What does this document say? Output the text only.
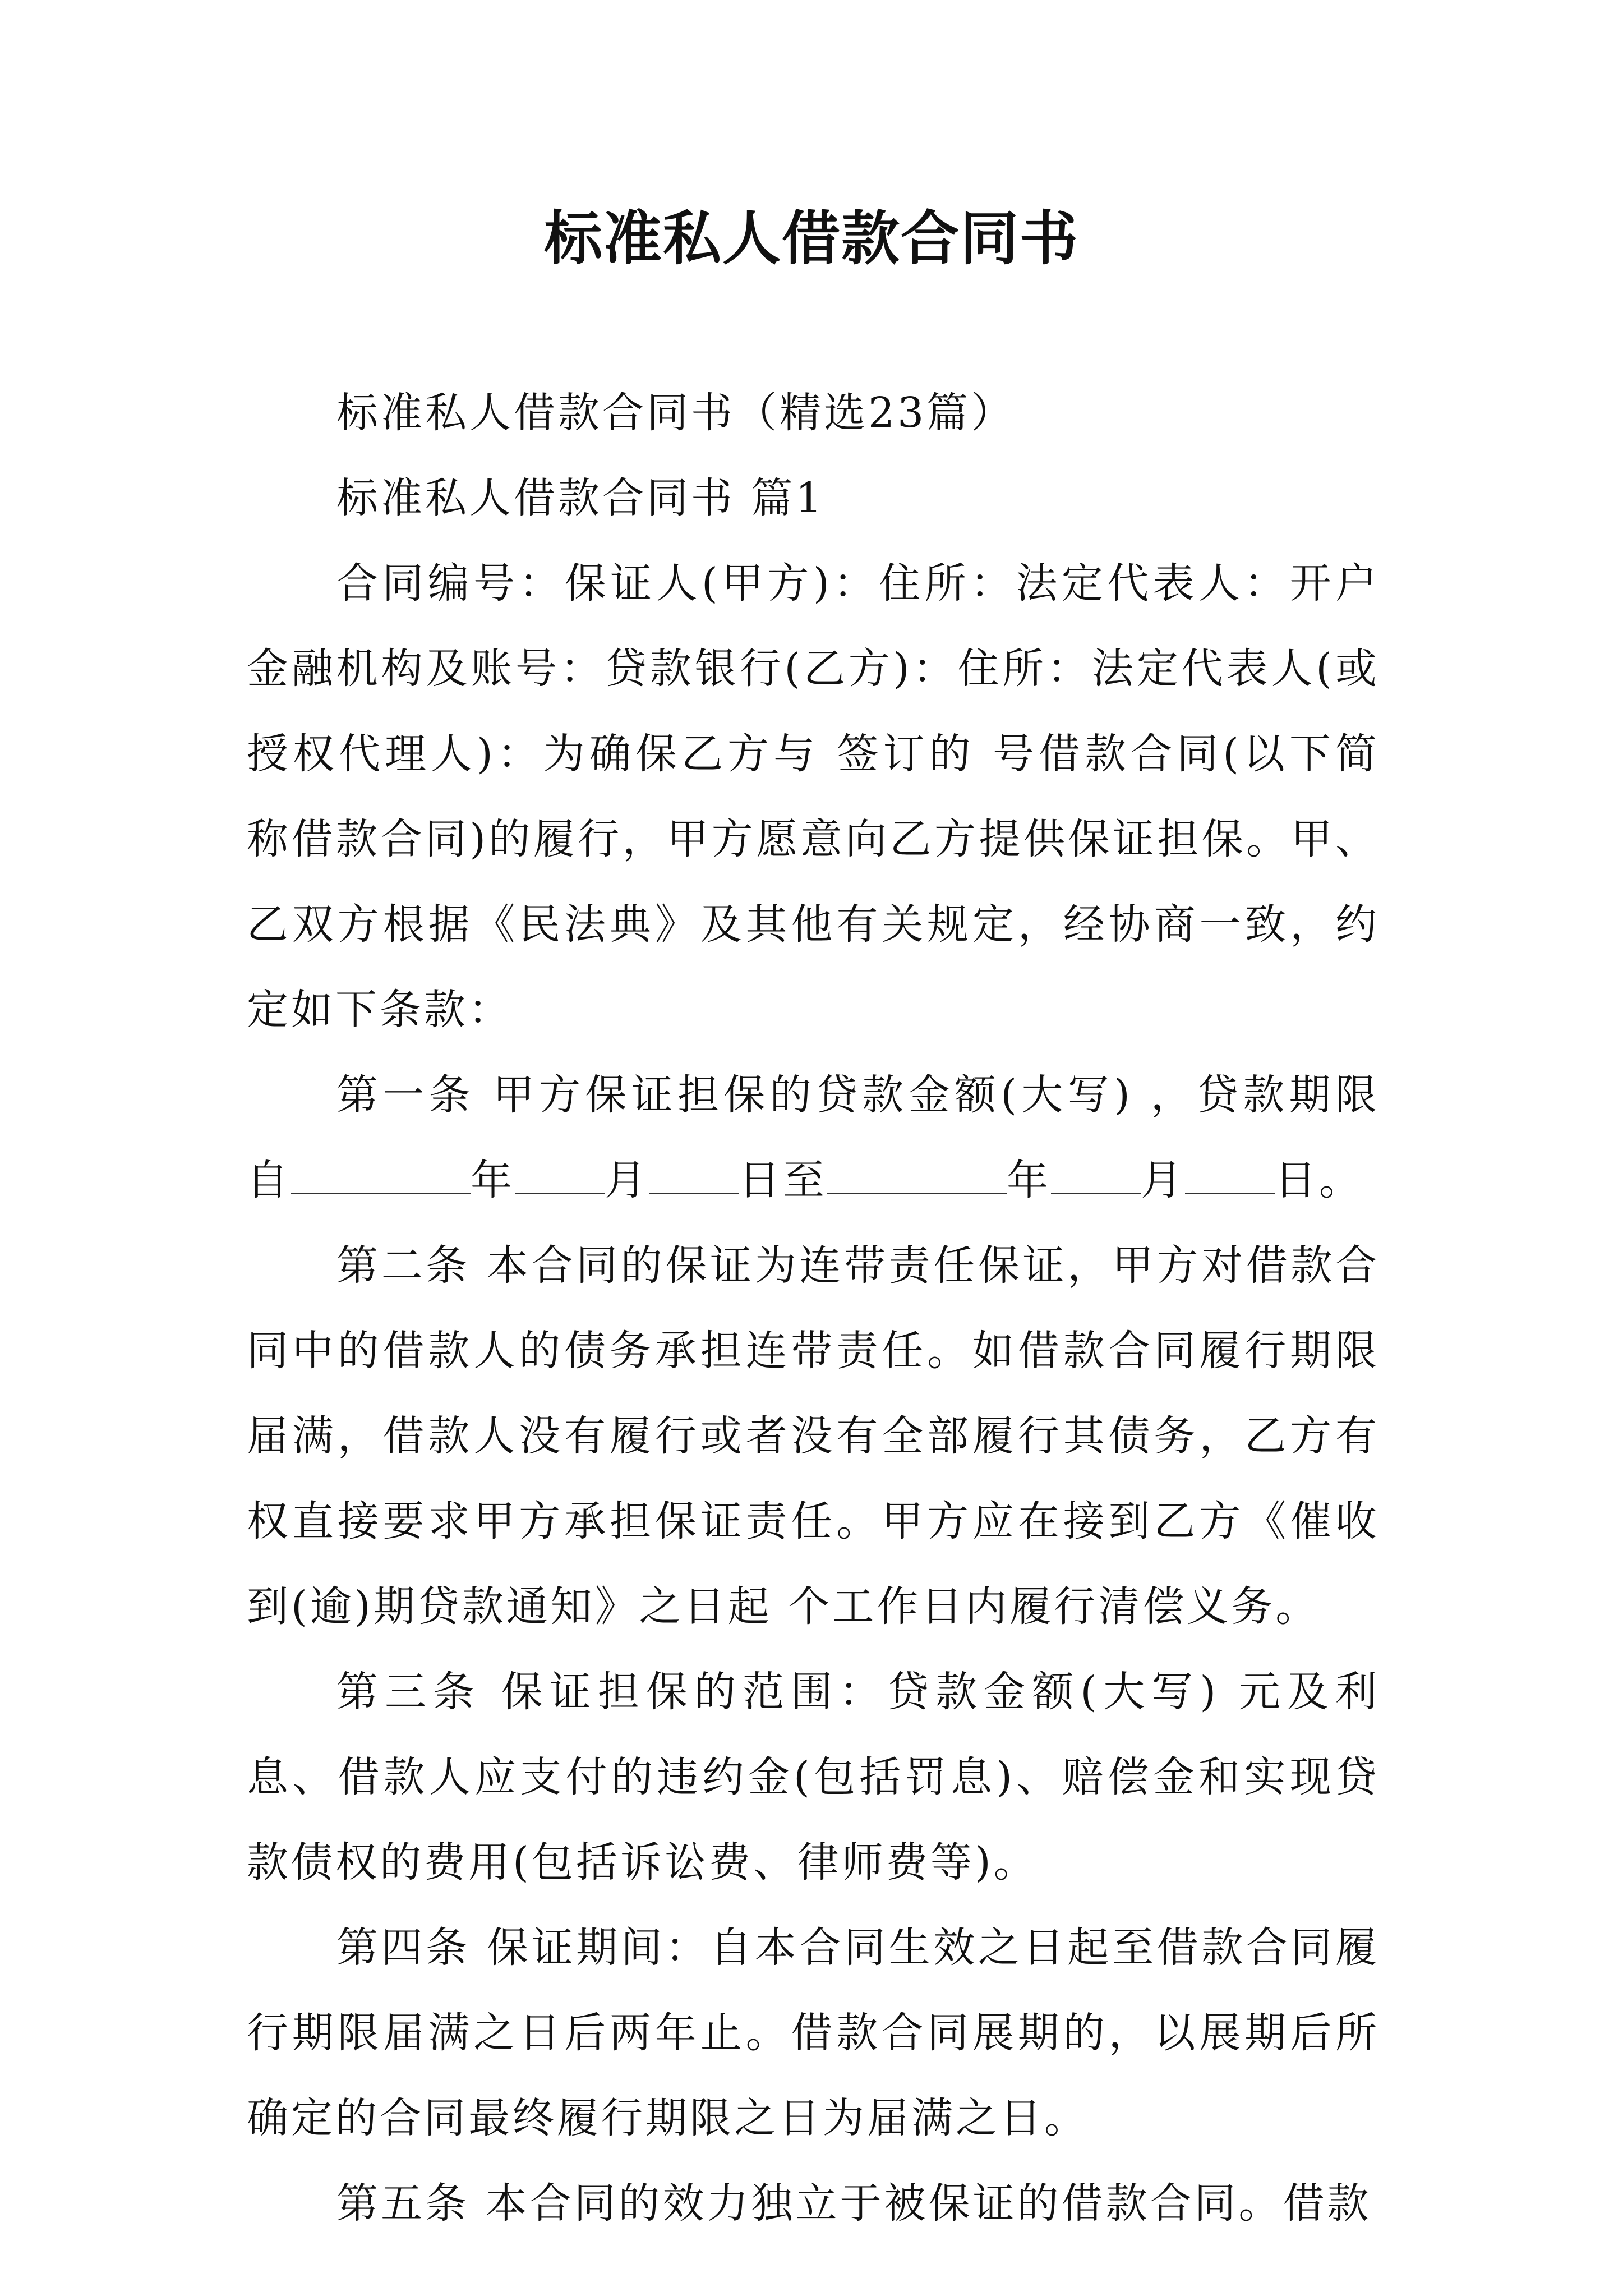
标准私人借款合同书

标准私人借款合同书（精选23篇）

标准私人借款合同书 篇1

合同编号：保证人(甲方)：住所：法定代表人：开户金融机构及账号：贷款银行(乙方)：住所：法定代表人(或授权代理人)：为确保乙方与 签订的 号借款合同(以下简称借款合同)的履行，甲方愿意向乙方提供保证担保。甲、乙双方根据《民法典》及其他有关规定，经协商一致，约定如下条款：

第一条 甲方保证担保的贷款金额(大写) ，贷款期限自	年 月 日至	年 月 日。

第二条 本合同的保证为连带责任保证，甲方对借款合同中的借款人的债务承担连带责任。如借款合同履行期限届满，借款人没有履行或者没有全部履行其债务，乙方有权直接要求甲方承担保证责任。甲方应在接到乙方《催收到(逾)期贷款通知》之日起 个工作日内履行清偿义务。

第三条 保证担保的范围：贷款金额(大写) 元及利息、借款人应支付的违约金(包括罚息)、赔偿金和实现贷款债权的费用(包括诉讼费、律师费等)。

第四条 保证期间：自本合同生效之日起至借款合同履行期限届满之日后两年止。借款合同展期的，以展期后所确定的合同最终履行期限之日为届满之日。

第五条 本合同的效力独立于被保证的借款合同。借款
